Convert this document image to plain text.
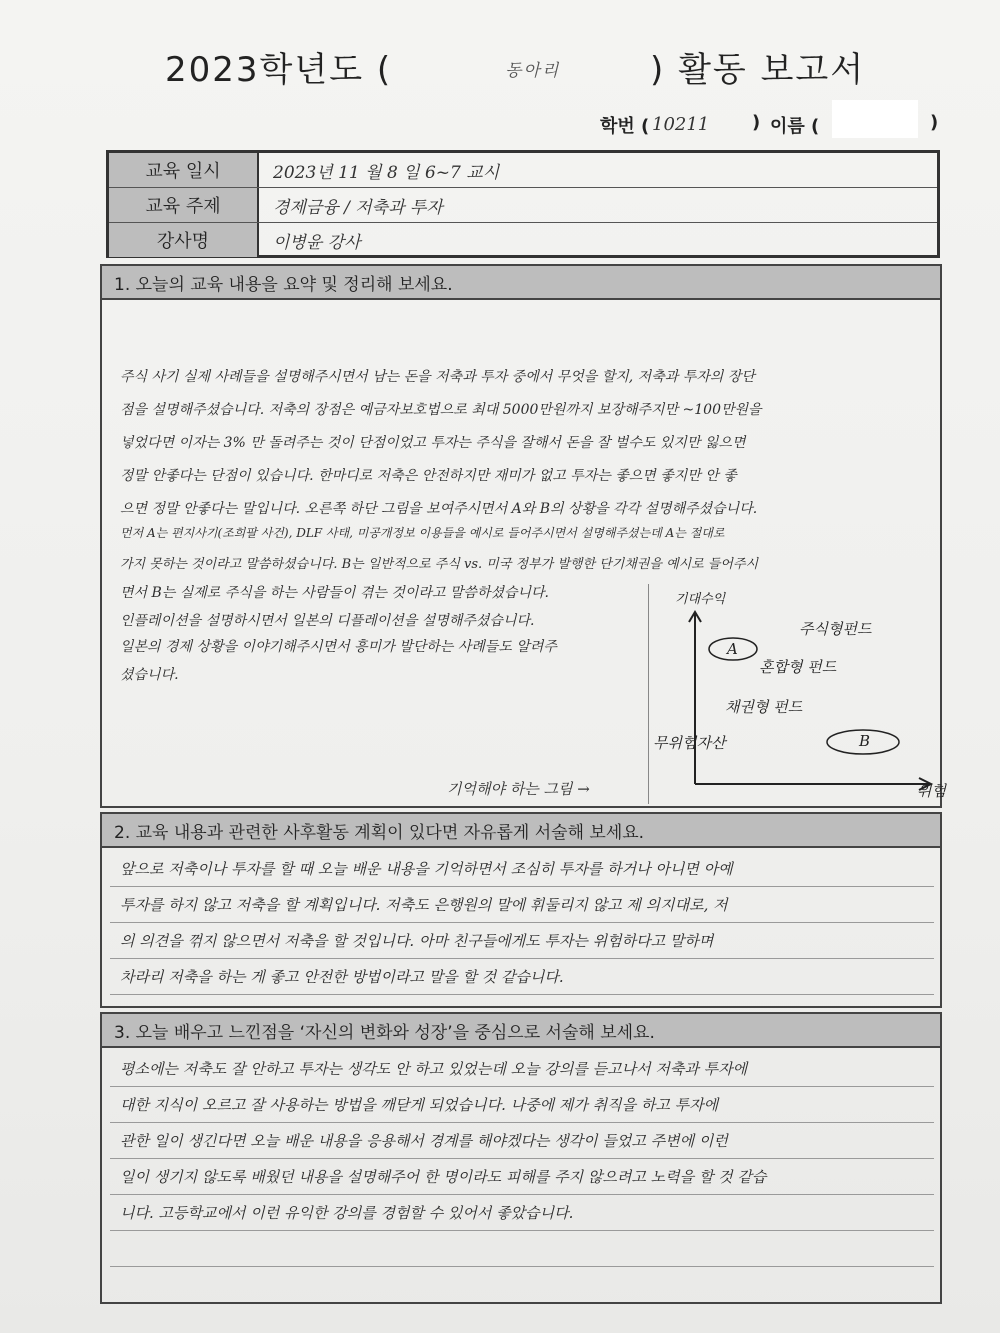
2023학년도 (	동아리	) 활동 보고서
학번 ( 10211 ) 이름 (	)
교육 일시	2023년 11 월 8 일 6~7 교시
교육 주제	경제금융 / 저축과 투자
강사명	이병윤 강사
1. 오늘의 교육 내용을 요약 및 정리해 보세요.
주식 사기 실제 사례들을 설명해주시면서 남는 돈을 저축과 투자 중에서 무엇을 할지, 저축과 투자의 장단
점을 설명해주셨습니다. 저축의 장점은 예금자보호법으로 최대 5000만원까지 보장해주지만 ~100만원을
넣었다면 이자는 3% 만 돌려주는 것이 단점이었고 투자는 주식을 잘해서 돈을 잘 벌수도 있지만 잃으면
정말 안좋다는 단점이 있습니다. 한마디로 저축은 안전하지만 재미가 없고 투자는 좋으면 좋지만 안 좋
으면 정말 안좋다는 말입니다. 오른쪽 하단 그림을 보여주시면서 A와 B의 상황을 각각 설명해주셨습니다.
먼저 A는 편지사기(조희팔 사건), DLF 사태, 미공개정보 이용들을 예시로 들어주시면서 설명해주셨는데 A는 절대로
가지 못하는 것이라고 말씀하셨습니다. B는 일반적으로 주식 vs. 미국 정부가 발행한 단기채권을 예시로 들어주시
면서 B는 실제로 주식을 하는 사람들이 겪는 것이라고 말씀하셨습니다.
인플레이션을 설명하시면서 일본의 디플레이션을 설명해주셨습니다.
일본의 경제 상황을 이야기해주시면서 흥미가 발단하는 사례들도 알려주
셨습니다.
기대수익
주식형펀드
A
혼합형 펀드
채권형 펀드
무위험자산	B
위험
기억해야 하는 그림 →
2. 교육 내용과 관련한 사후활동 계획이 있다면 자유롭게 서술해 보세요.
앞으로 저축이나 투자를 할 때 오늘 배운 내용을 기억하면서 조심히 투자를 하거나 아니면 아예
투자를 하지 않고 저축을 할 계획입니다. 저축도 은행원의 말에 휘둘리지 않고 제 의지대로, 저
의 의견을 꺾지 않으면서 저축을 할 것입니다. 아마 친구들에게도 투자는 위험하다고 말하며
차라리 저축을 하는 게 좋고 안전한 방법이라고 말을 할 것 같습니다.
3. 오늘 배우고 느낀점을 ‘자신의 변화와 성장’을 중심으로 서술해 보세요.
평소에는 저축도 잘 안하고 투자는 생각도 안 하고 있었는데 오늘 강의를 듣고나서 저축과 투자에
대한 지식이 오르고 잘 사용하는 방법을 깨닫게 되었습니다. 나중에 제가 취직을 하고 투자에
관한 일이 생긴다면 오늘 배운 내용을 응용해서 경계를 해야겠다는 생각이 들었고 주변에 이런
일이 생기지 않도록 배웠던 내용을 설명해주어 한 명이라도 피해를 주지 않으려고 노력을 할 것 같습
니다. 고등학교에서 이런 유익한 강의를 경험할 수 있어서 좋았습니다.
